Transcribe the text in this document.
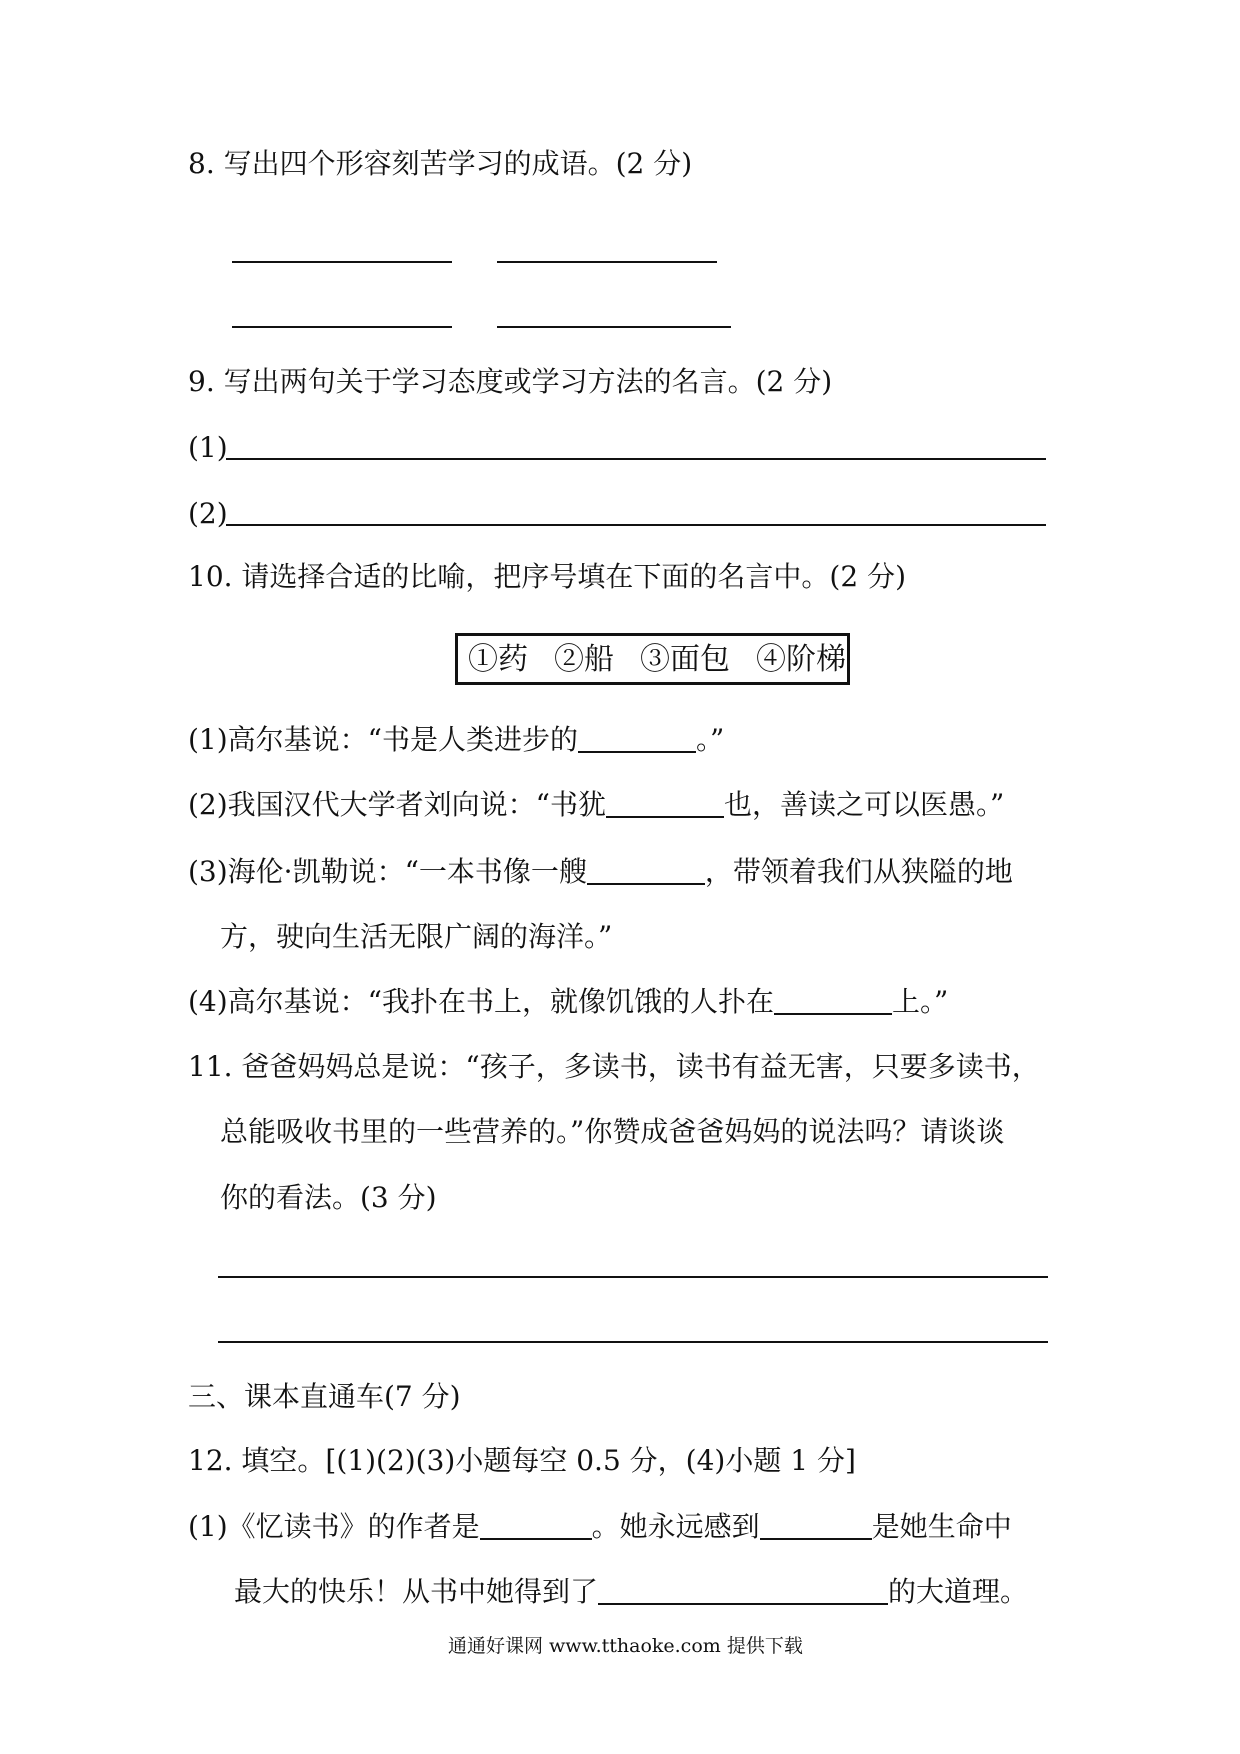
8. 写出四个形容刻苦学习的成语。(2 分)
9. 写出两句关于学习态度或学习方法的名言。(2 分)
(1)
(2)
10. 请选择合适的比喻，把序号填在下面的名言中。(2 分)
①药 ②船 ③面包 ④阶梯
(1)高尔基说：“书是人类进步的	。”
(2)我国汉代大学者刘向说：“书犹	也，善读之可以医愚。”
(3)海伦·凯勒说：“一本书像一艘	，带领着我们从狭隘的地
方，驶向生活无限广阔的海洋。”
(4)高尔基说：“我扑在书上，就像饥饿的人扑在	上。”
11. 爸爸妈妈总是说：“孩子，多读书，读书有益无害，只要多读书，
总能吸收书里的一些营养的。”你赞成爸爸妈妈的说法吗？请谈谈
你的看法。(3 分)
三、课本直通车(7 分)
12. 填空。[(1)(2)(3)小题每空 0.5 分，(4)小题 1 分]
(1)《忆读书》的作者是	。她永远感到	是她生命中
最大的快乐！从书中她得到了	的大道理。
通通好课网 www.tthaoke.com 提供下载
